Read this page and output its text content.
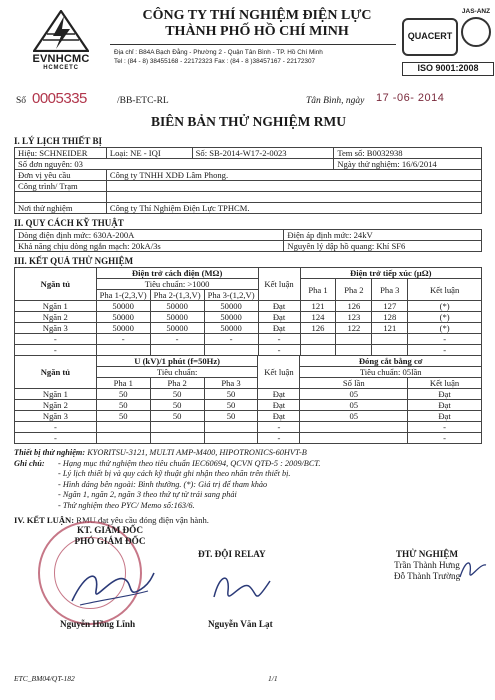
EVNHCMC
HCMCETC
CÔNG TY THÍ NGHIỆM ĐIỆN LỰC
THÀNH PHỐ HỒ CHÍ MINH
Địa chỉ : B84A Bạch Đằng - Phường 2 - Quận Tân Bình - TP. Hồ Chí Minh
Tel : (84 - 8) 38455168 - 22172323 Fax : (84 - 8 )38457167 - 22172307
QUACERT
JAS-ANZ
ISO 9001:2008
Số 0005335	/BB-ETC-RL	Tân Bình, ngày 17 -06- 2014
BIÊN BẢN THỬ NGHIỆM RMU
I. LÝ LỊCH THIẾT BỊ
Hiệu: SCHNEIDER	Loại: NE - IQI	Số: SB-2014-W17-2-0023	Tem số: B0032938
Số đơn nguyên: 03			Ngày thử nghiệm: 16/6/2014
Đơn vị yêu cầu	Công ty TNHH XDĐ Lâm Phong.		
Công trình/ Trạm			

Nơi thử nghiệm	Công ty Thí Nghiệm Điện Lực TPHCM.		
II. QUY CÁCH KỸ THUẬT
Dòng điện định mức: 630A-200A	Điện áp định mức: 24kV
Khả năng chịu dòng ngắn mạch: 20kA/3s	Nguyên lý dập hồ quang: Khí SF6
III. KẾT QUẢ THỬ NGHIỆM
Ngăn tủ	Điện trở cách điện (MΩ)			Kết luận	Điện trở tiếp xúc (µΩ)			
	Tiêu chuẩn: >1000				Pha 1	Pha 2	Pha 3	Kết luận
	Pha 1-(2,3,V)	Pha 2-(1,3,V)	Pha 3-(1,2,V)					
Ngăn 1	50000	50000	50000	Đạt	121	126	127	(*)
Ngăn 2	50000	50000	50000	Đạt	124	123	128	(*)
Ngăn 3	50000	50000	50000	Đạt	126	122	121	(*)
-	-	-	-	-				-
-				-				-
Ngăn tủ	U (kV)/1 phút (f=50Hz)			Kết luận	Đóng cắt bằng cơ	
	Tiêu chuẩn:				Tiêu chuẩn: 05lần	
	Pha 1	Pha 2	Pha 3		Số lần	Kết luận
Ngăn 1	50	50	50	Đạt	05	Đạt
Ngăn 2	50	50	50	Đạt	05	Đạt
Ngăn 3	50	50	50	Đạt	05	Đạt
-				-		-
-				-		-
Thiết bị thử nghiệm: KYORITSU-3121, MULTI AMP-M400, HIPOTRONICS-60HVT-B
Ghi chú:	- Hạng mục thử nghiệm theo tiêu chuẩn IEC60694, QCVN QTĐ-5 : 2009/BCT.
- Lý lịch thiết bị và quy cách kỹ thuật ghi nhận theo nhãn trên thiết bị.
- Hình dáng bên ngoài: Bình thường. (*): Giá trị để tham khảo
- Ngăn 1, ngăn 2, ngăn 3 theo thứ tự từ trái sang phải
- Thử nghiệm theo PYC/ Memo số:163/6.
IV. KẾT LUẬN: RMU đạt yêu cầu đóng điện vận hành.
KT. GIÁM ĐỐC
PHÓ GIÁM ĐỐC
ĐT. ĐỘI RELAY	THỬ NGHIỆM
Trần Thành Hưng
Đỗ Thành Trường
Nguyễn Hồng Lĩnh	Nguyễn Văn Lạt
ETC_BM04/QT-182	1/1
